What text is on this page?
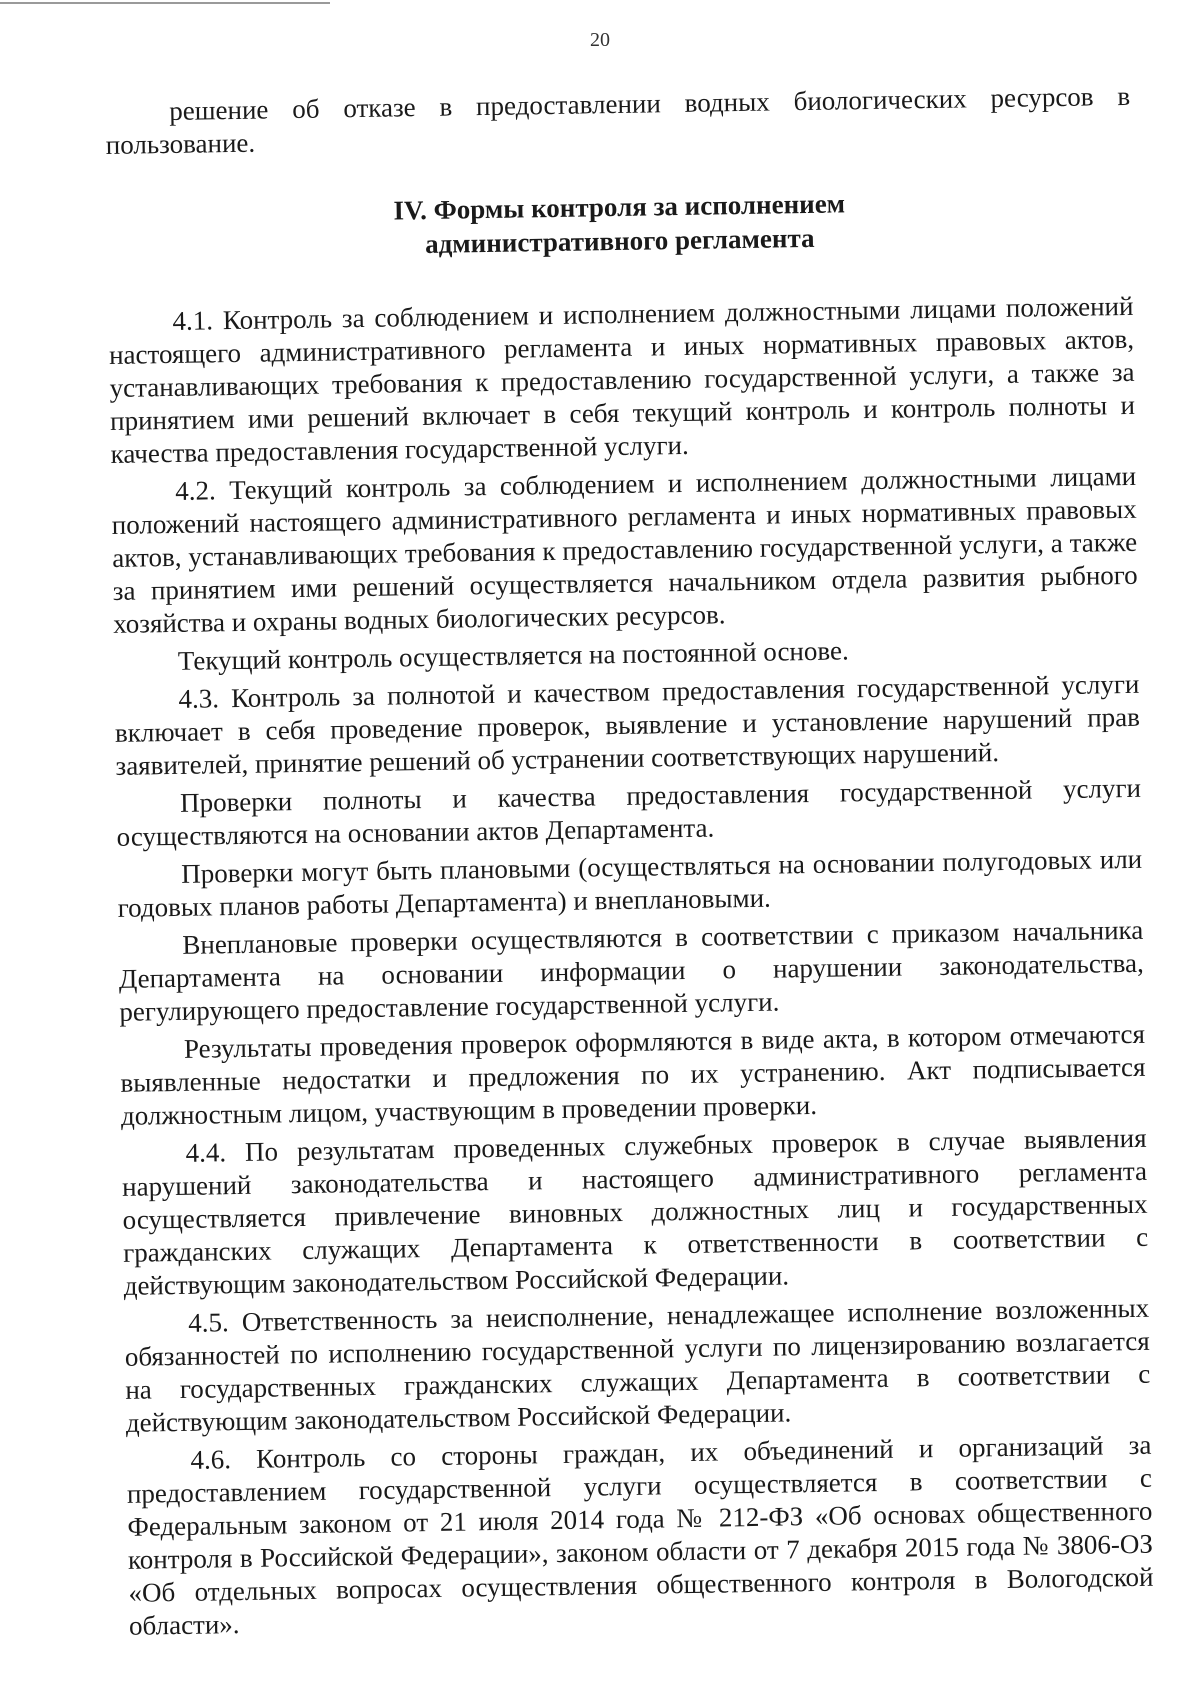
20

решение об отказе в предоставлении водных биологических ресурсов в пользование.

IV. Формы контроля за исполнением
административного регламента

4.1. Контроль за соблюдением и исполнением должностными лицами положений настоящего административного регламента и иных нормативных правовых актов, устанавливающих требования к предоставлению государственной услуги, а также за принятием ими решений включает в себя текущий контроль и контроль полноты и качества предоставления государственной услуги.

4.2. Текущий контроль за соблюдением и исполнением должностными лицами положений настоящего административного регламента и иных нормативных правовых актов, устанавливающих требования к предоставлению государственной услуги, а также за принятием ими решений осуществляется начальником отдела развития рыбного хозяйства и охраны водных биологических ресурсов.

Текущий контроль осуществляется на постоянной основе.

4.3. Контроль за полнотой и качеством предоставления государственной услуги включает в себя проведение проверок, выявление и установление нарушений прав заявителей, принятие решений об устранении соответствующих нарушений.

Проверки полноты и качества предоставления государственной услуги осуществляются на основании актов Департамента.

Проверки могут быть плановыми (осуществляться на основании полугодовых или годовых планов работы Департамента) и внеплановыми.

Внеплановые проверки осуществляются в соответствии с приказом начальника Департамента на основании информации о нарушении законодательства, регулирующего предоставление государственной услуги.

Результаты проведения проверок оформляются в виде акта, в котором отмечаются выявленные недостатки и предложения по их устранению. Акт подписывается должностным лицом, участвующим в проведении проверки.

4.4. По результатам проведенных служебных проверок в случае выявления нарушений законодательства и настоящего административного регламента осуществляется привлечение виновных должностных лиц и государственных гражданских служащих Департамента к ответственности в соответствии с действующим законодательством Российской Федерации.

4.5. Ответственность за неисполнение, ненадлежащее исполнение возложенных обязанностей по исполнению государственной услуги по лицензированию возлагается на государственных гражданских служащих Департамента в соответствии с действующим законодательством Российской Федерации.

4.6. Контроль со стороны граждан, их объединений и организаций за предоставлением государственной услуги осуществляется в соответствии с Федеральным законом от 21 июля 2014 года № 212-ФЗ «Об основах общественного контроля в Российской Федерации», законом области от 7 декабря 2015 года № 3806-ОЗ «Об отдельных вопросах осуществления общественного контроля в Вологодской области».
